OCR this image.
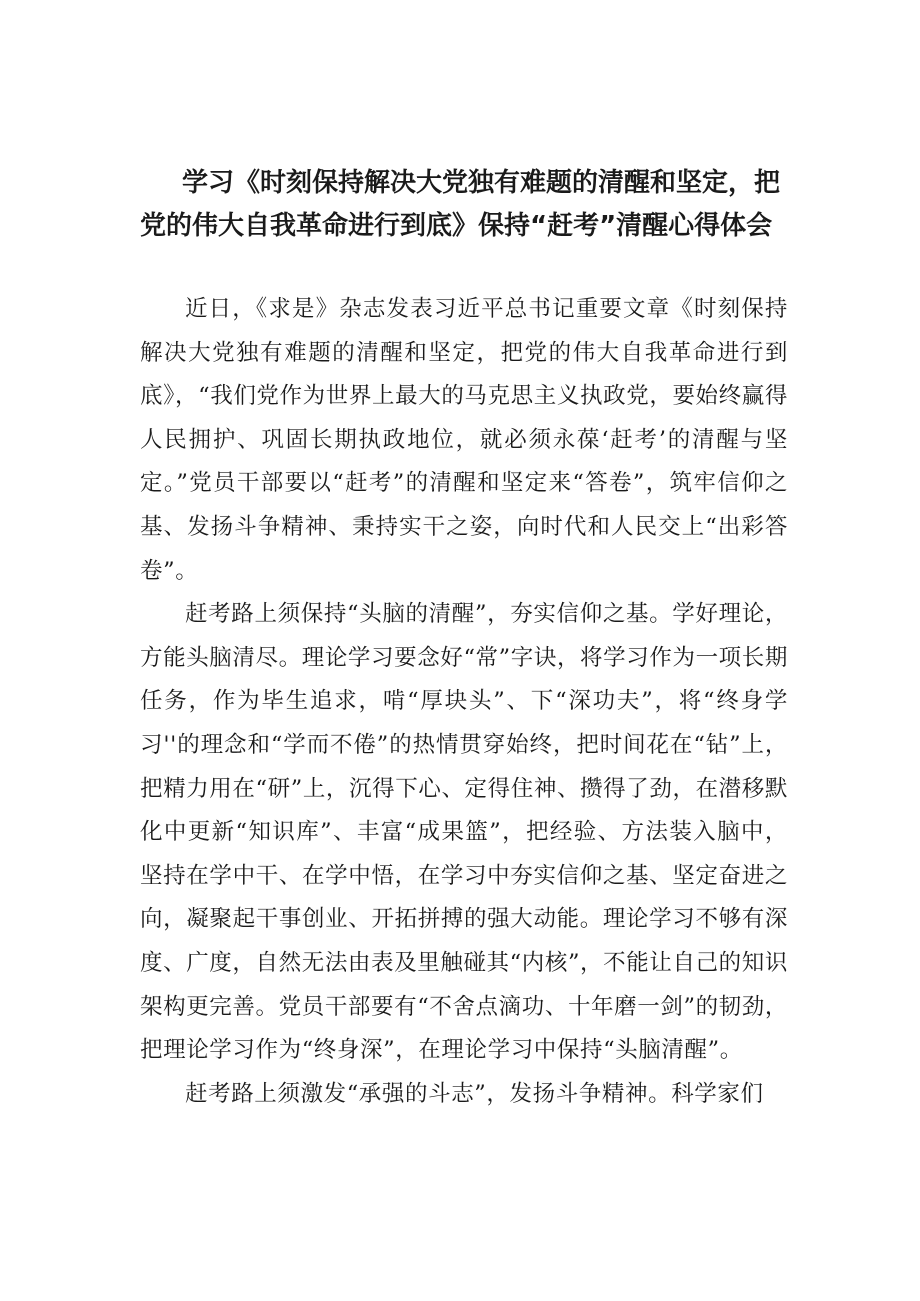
学习《时刻保持解决大党独有难题的清醒和坚定，把党的伟大自我革命进行到底》保持“赶考”清醒心得体会

近日，《求是》杂志发表习近平总书记重要文章《时刻保持解决大党独有难题的清醒和坚定，把党的伟大自我革命进行到底》，“我们党作为世界上最大的马克思主义执政党，要始终赢得人民拥护、巩固长期执政地位，就必须永葆‘赶考’的清醒与坚定。”党员干部要以“赶考”的清醒和坚定来“答卷”，筑牢信仰之基、发扬斗争精神、秉持实干之姿，向时代和人民交上“出彩答卷”。

赶考路上须保持“头脑的清醒”，夯实信仰之基。学好理论，方能头脑清尽。理论学习要念好“常”字诀，将学习作为一项长期任务，作为毕生追求，啃“厚块头”、下“深功夫”，将“终身学习''的理念和“学而不倦”的热情贯穿始终，把时间花在“钻”上，把精力用在“研”上，沉得下心、定得住神、攒得了劲，在潜移默化中更新“知识库”、丰富“成果篮”，把经验、方法装入脑中，坚持在学中干、在学中悟，在学习中夯实信仰之基、坚定奋进之向，凝聚起干事创业、开拓拼搏的强大动能。理论学习不够有深度、广度，自然无法由表及里触碰其“内核”，不能让自己的知识架构更完善。党员干部要有“不舍点滴功、十年磨一剑”的韧劲，把理论学习作为“终身深”，在理论学习中保持“头脑清醒”。

赶考路上须激发“承强的斗志”，发扬斗争精神。科学家们
